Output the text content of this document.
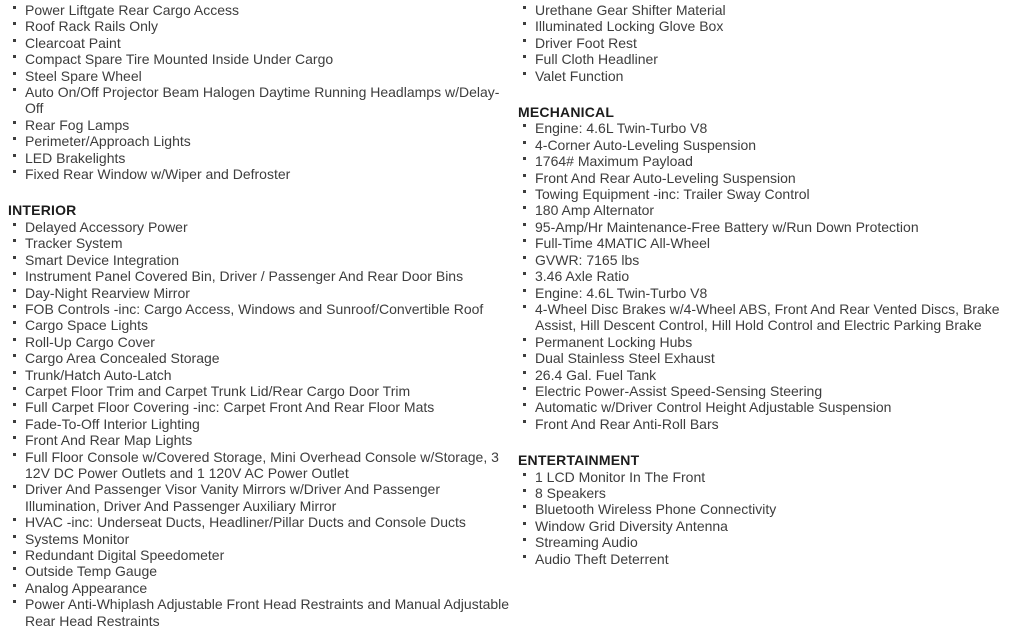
Power Liftgate Rear Cargo Access
Roof Rack Rails Only
Clearcoat Paint
Compact Spare Tire Mounted Inside Under Cargo
Steel Spare Wheel
Auto On/Off Projector Beam Halogen Daytime Running Headlamps w/Delay-Off
Rear Fog Lamps
Perimeter/Approach Lights
LED Brakelights
Fixed Rear Window w/Wiper and Defroster
INTERIOR
Delayed Accessory Power
Tracker System
Smart Device Integration
Instrument Panel Covered Bin, Driver / Passenger And Rear Door Bins
Day-Night Rearview Mirror
FOB Controls -inc: Cargo Access, Windows and Sunroof/Convertible Roof
Cargo Space Lights
Roll-Up Cargo Cover
Cargo Area Concealed Storage
Trunk/Hatch Auto-Latch
Carpet Floor Trim and Carpet Trunk Lid/Rear Cargo Door Trim
Full Carpet Floor Covering -inc: Carpet Front And Rear Floor Mats
Fade-To-Off Interior Lighting
Front And Rear Map Lights
Full Floor Console w/Covered Storage, Mini Overhead Console w/Storage, 3 12V DC Power Outlets and 1 120V AC Power Outlet
Driver And Passenger Visor Vanity Mirrors w/Driver And Passenger Illumination, Driver And Passenger Auxiliary Mirror
HVAC -inc: Underseat Ducts, Headliner/Pillar Ducts and Console Ducts
Systems Monitor
Redundant Digital Speedometer
Outside Temp Gauge
Analog Appearance
Power Anti-Whiplash Adjustable Front Head Restraints and Manual Adjustable Rear Head Restraints
Urethane Gear Shifter Material
Illuminated Locking Glove Box
Driver Foot Rest
Full Cloth Headliner
Valet Function
MECHANICAL
Engine: 4.6L Twin-Turbo V8
4-Corner Auto-Leveling Suspension
1764# Maximum Payload
Front And Rear Auto-Leveling Suspension
Towing Equipment -inc: Trailer Sway Control
180 Amp Alternator
95-Amp/Hr Maintenance-Free Battery w/Run Down Protection
Full-Time 4MATIC All-Wheel
GVWR: 7165 lbs
3.46 Axle Ratio
Engine: 4.6L Twin-Turbo V8
4-Wheel Disc Brakes w/4-Wheel ABS, Front And Rear Vented Discs, Brake Assist, Hill Descent Control, Hill Hold Control and Electric Parking Brake
Permanent Locking Hubs
Dual Stainless Steel Exhaust
26.4 Gal. Fuel Tank
Electric Power-Assist Speed-Sensing Steering
Automatic w/Driver Control Height Adjustable Suspension
Front And Rear Anti-Roll Bars
ENTERTAINMENT
1 LCD Monitor In The Front
8 Speakers
Bluetooth Wireless Phone Connectivity
Window Grid Diversity Antenna
Streaming Audio
Audio Theft Deterrent
